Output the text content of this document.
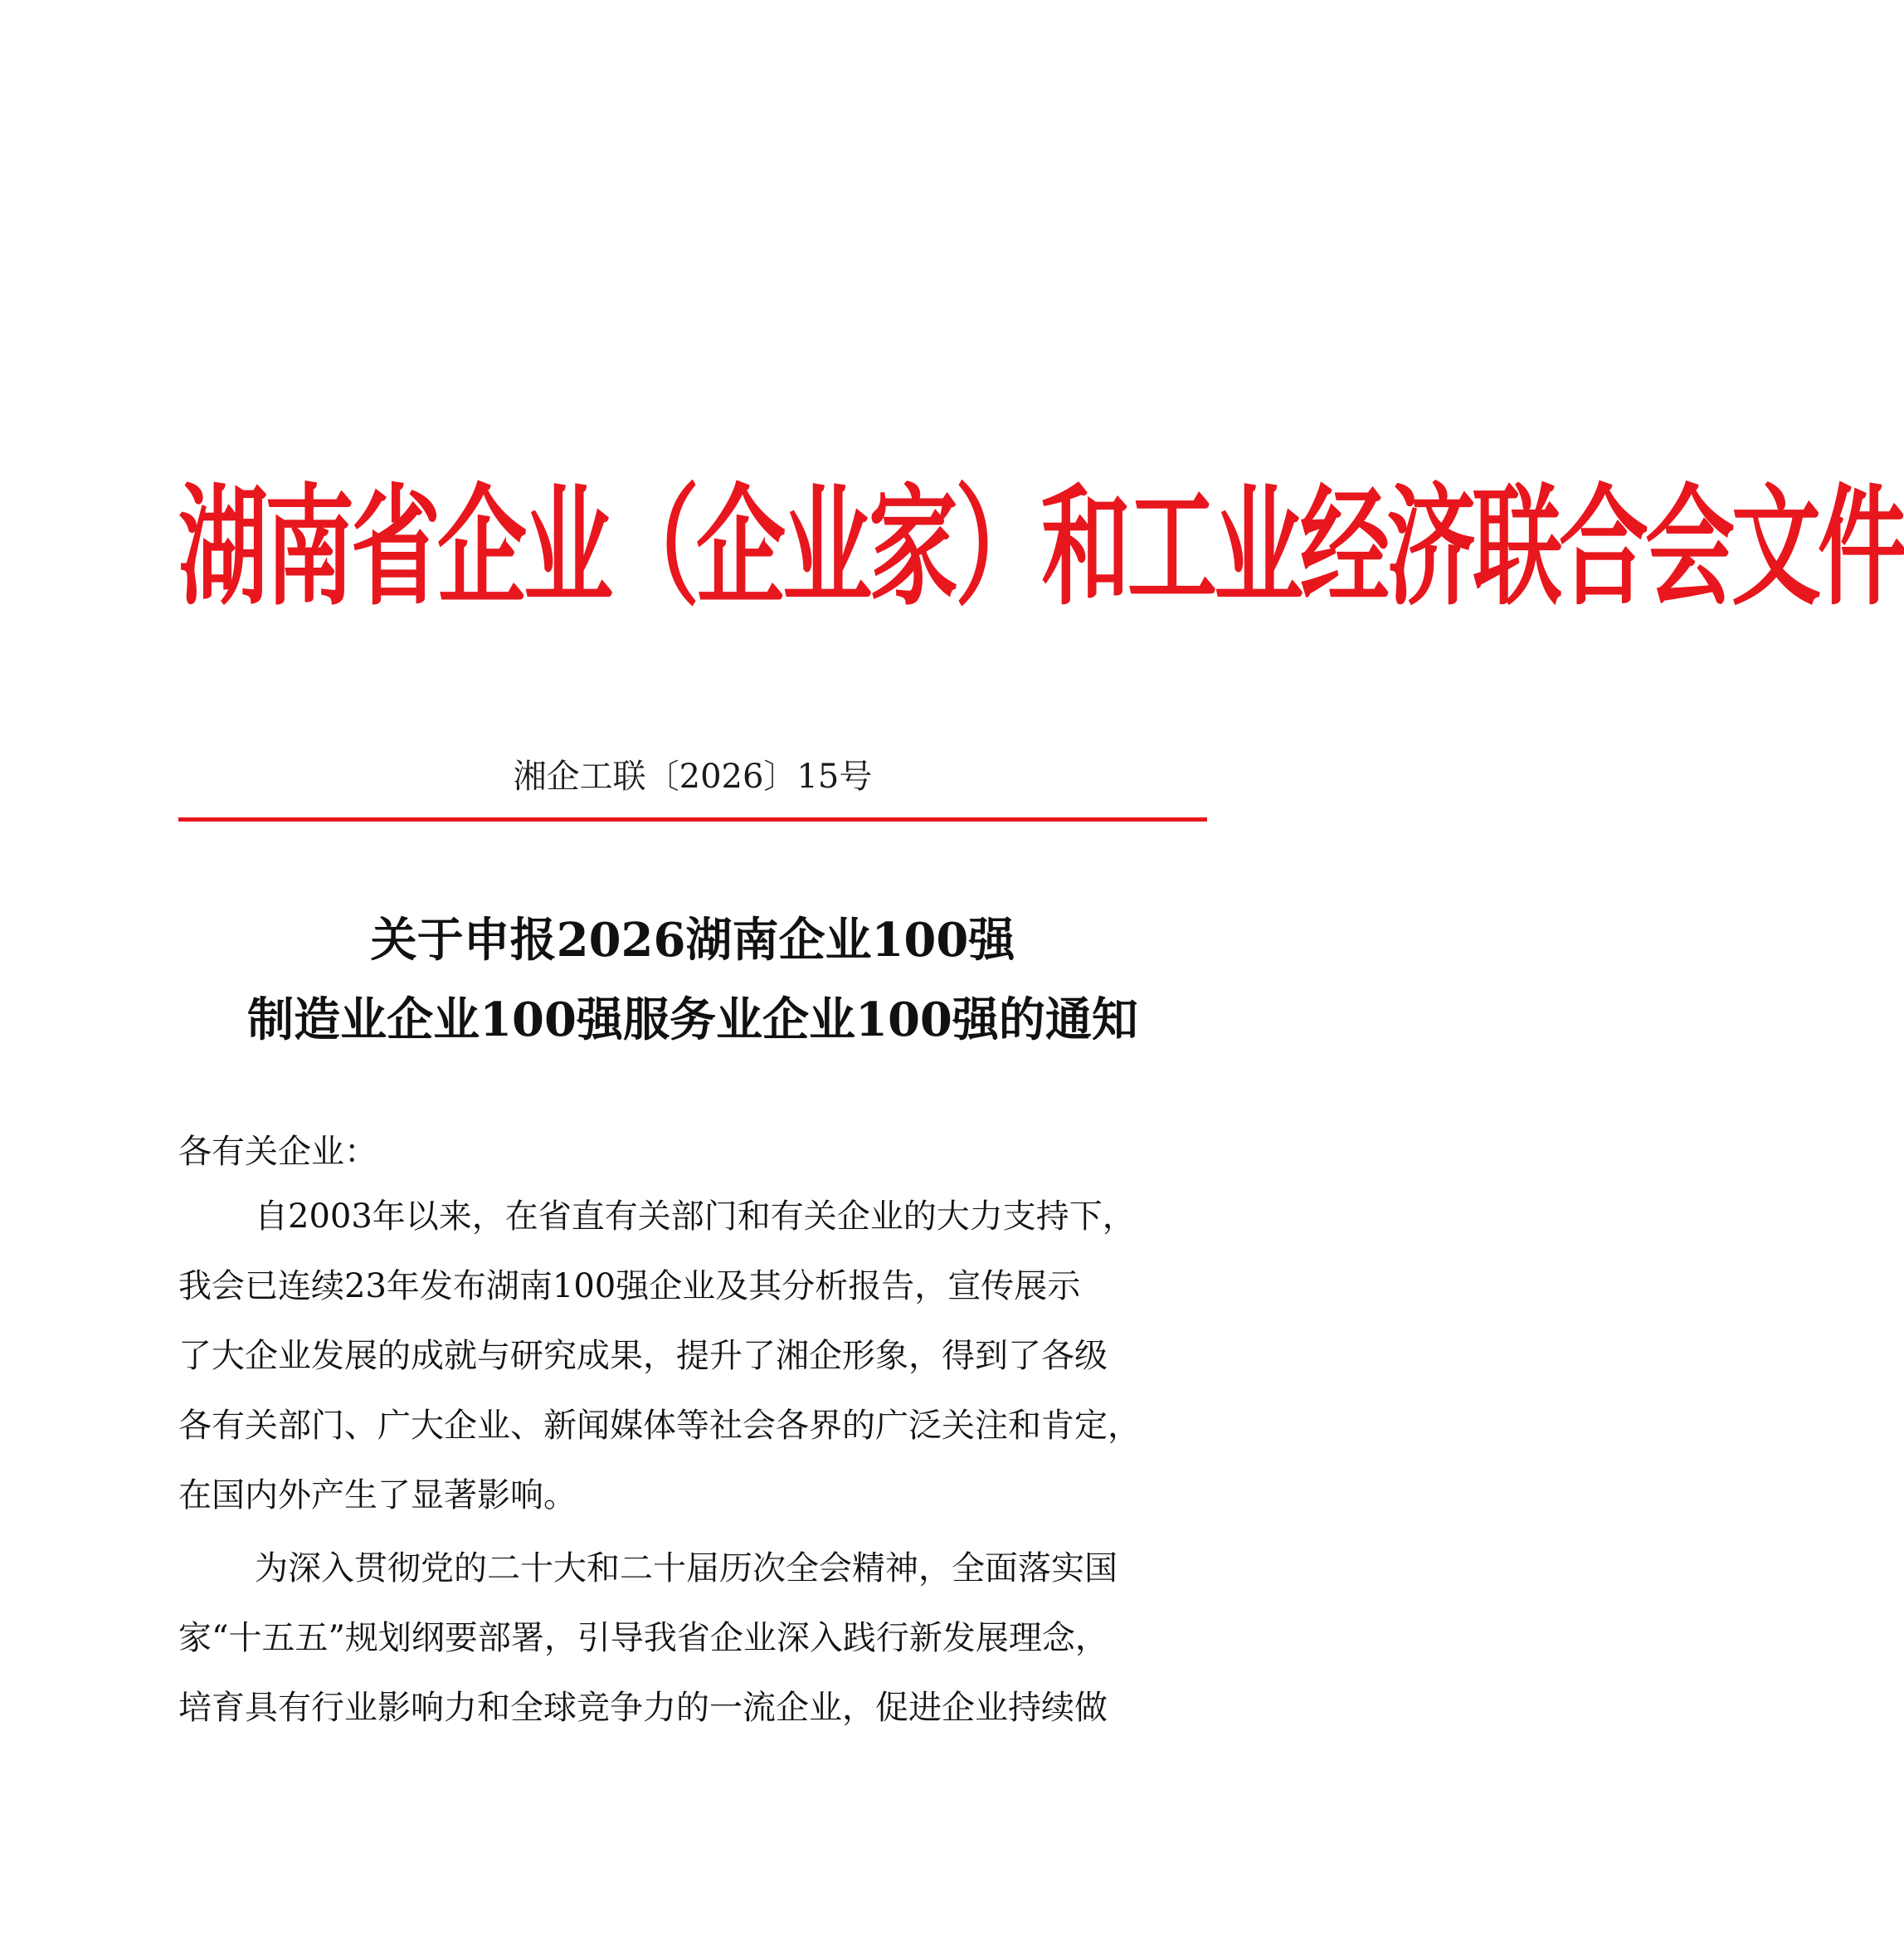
湖南省企业（企业家）和工业经济联合会文件
湘企工联〔2026〕15号
关于申报2026湖南企业100强
制造业企业100强服务业企业100强的通知
各有关企业：
自2003年以来，在省直有关部门和有关企业的大力支持下，
我会已连续23年发布湖南100强企业及其分析报告，宣传展示
了大企业发展的成就与研究成果，提升了湘企形象，得到了各级
各有关部门、广大企业、新闻媒体等社会各界的广泛关注和肯定，
在国内外产生了显著影响。
为深入贯彻党的二十大和二十届历次全会精神，全面落实国
家“十五五”规划纲要部署，引导我省企业深入践行新发展理念，
培育具有行业影响力和全球竞争力的一流企业，促进企业持续做
